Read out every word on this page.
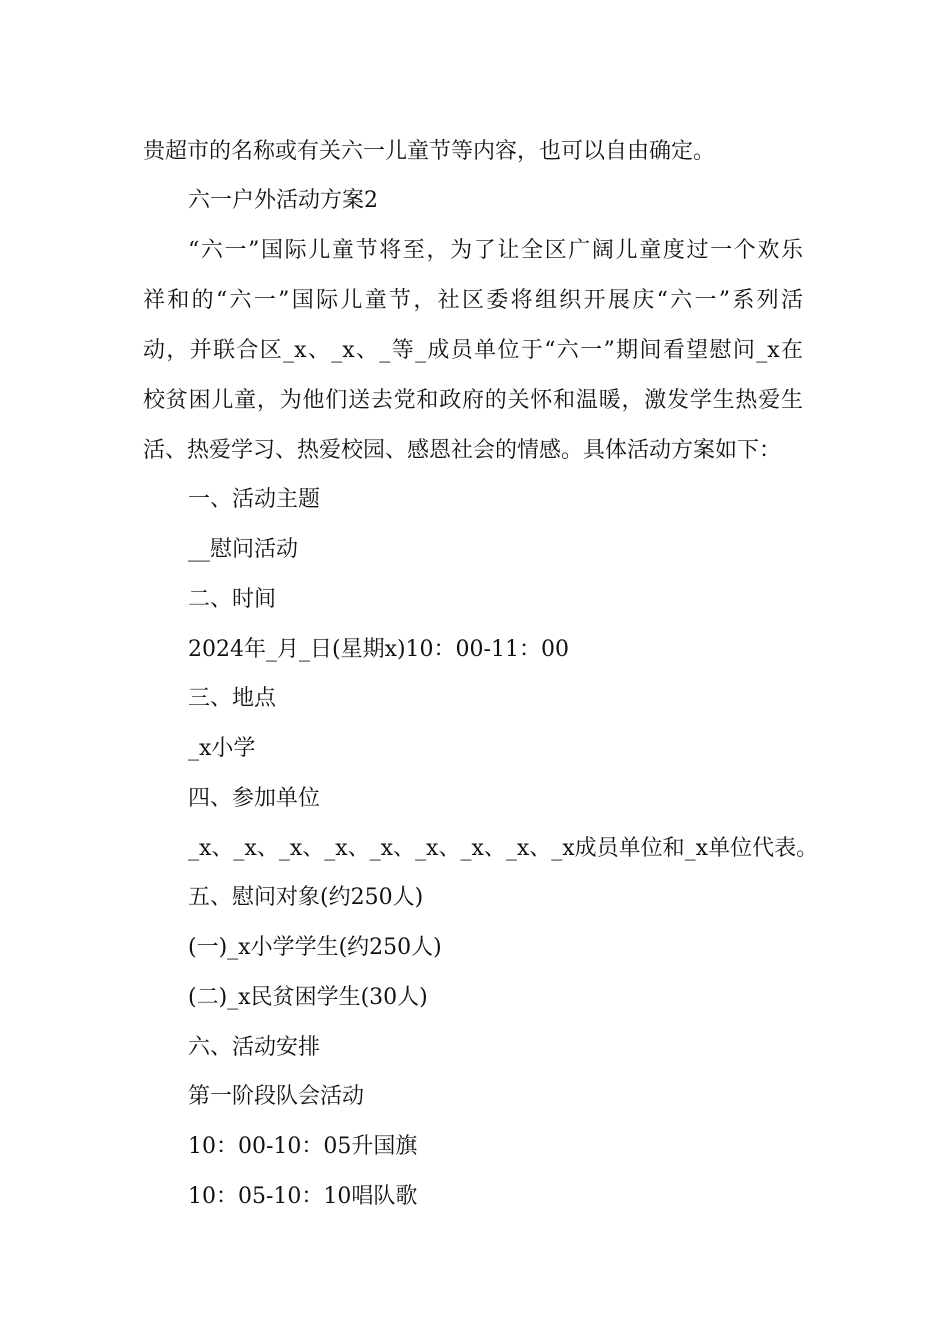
贵超市的名称或有关六一儿童节等内容，也可以自由确定。

六一户外活动方案2

“六一”国际儿童节将至，为了让全区广阔儿童度过一个欢乐

祥和的“六一”国际儿童节，社区委将组织开展庆“六一”系列活

动，并联合区_x、_x、_等_成员单位于“六一”期间看望慰问_x在

校贫困儿童，为他们送去党和政府的关怀和温暖，激发学生热爱生

活、热爱学习、热爱校园、感恩社会的情感。具体活动方案如下：

一、活动主题

__慰问活动

二、时间

2024年_月_日(星期x)10：00-11：00

三、地点

_x小学

四、参加单位

_x、_x、_x、_x、_x、_x、_x、_x、_x成员单位和_x单位代表。

五、慰问对象(约250人)

(一)_x小学学生(约250人)

(二)_x民贫困学生(30人)

六、活动安排

第一阶段队会活动

10：00-10：05升国旗

10：05-10：10唱队歌
